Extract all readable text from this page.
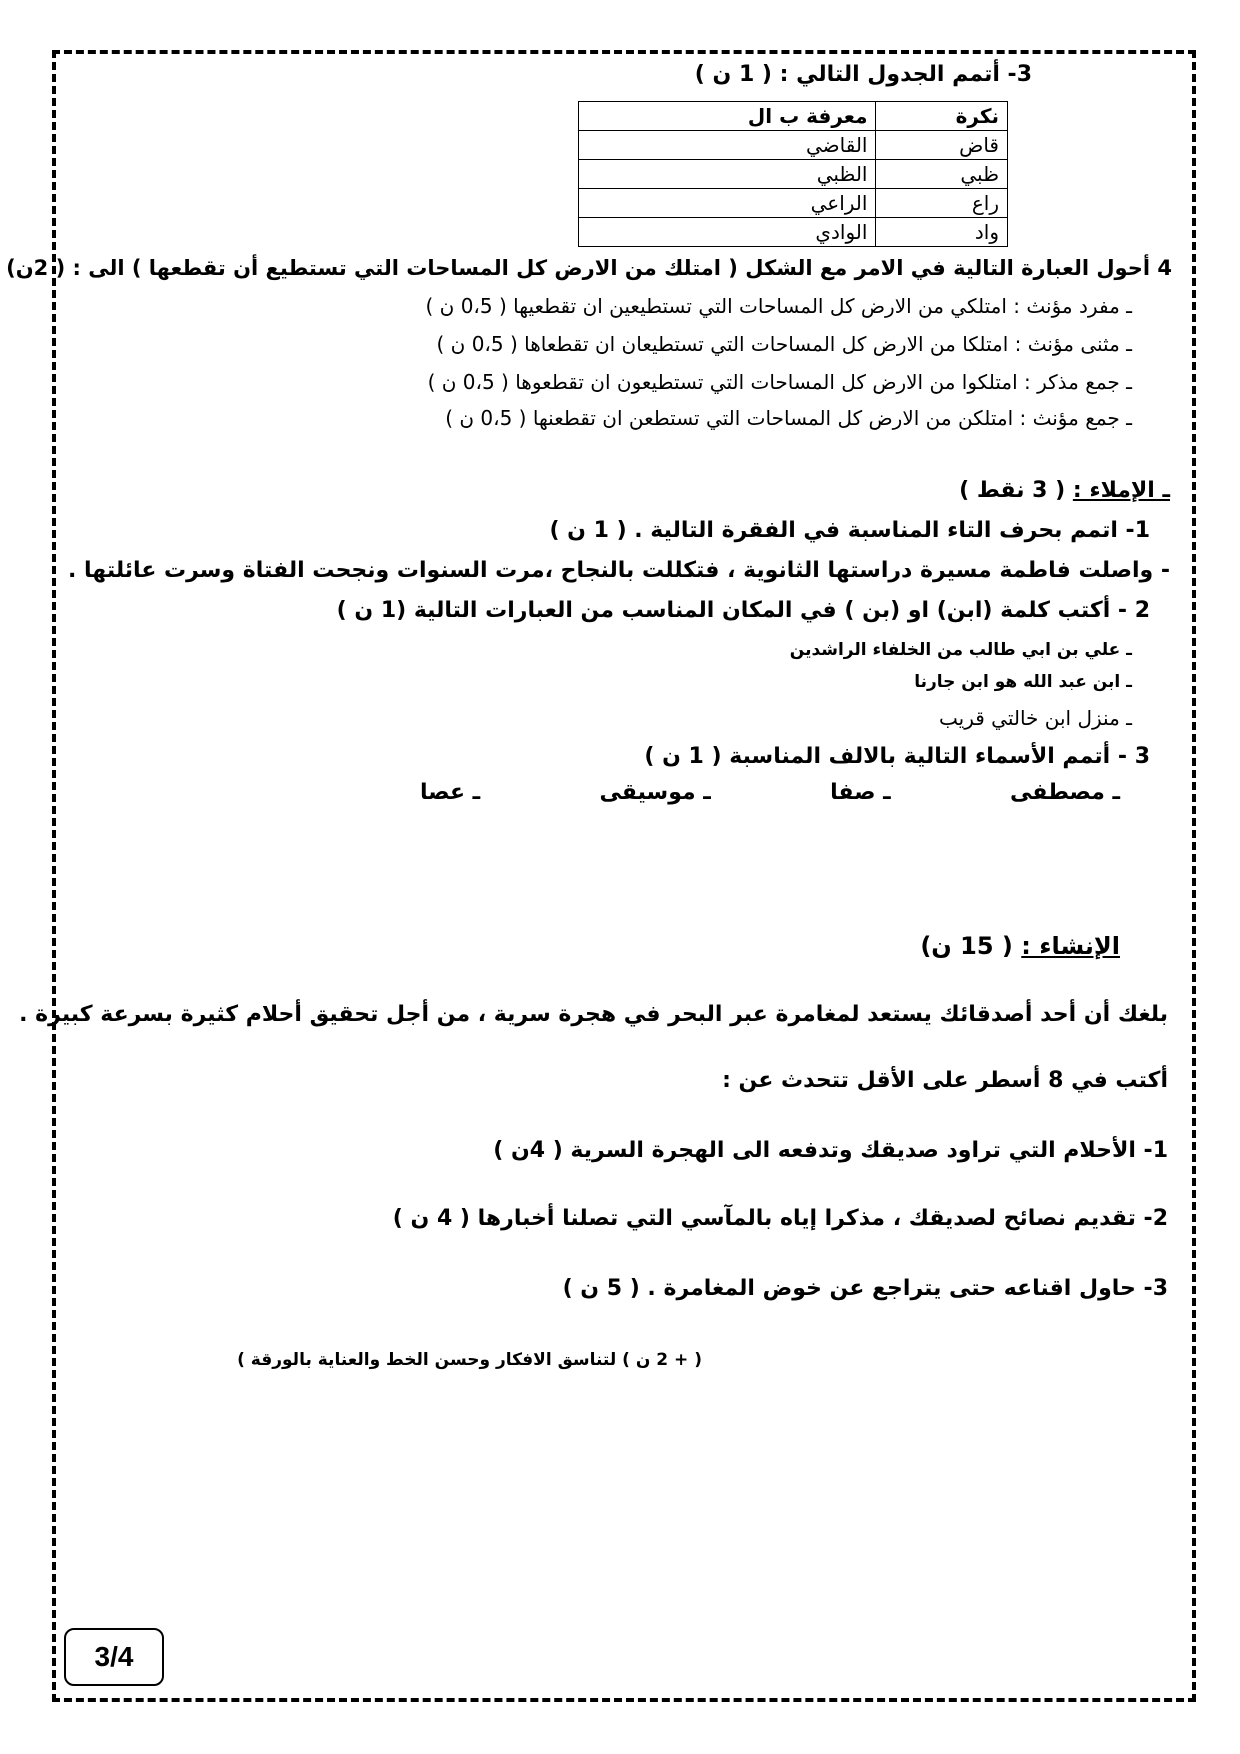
3- أتمم الجدول التالي : ( 1 ن )
نكرة	معرفة ب ال
قاض	القاضي
ظبي	الظبي
راع	الراعي
واد	الوادي
4 أحول العبارة التالية في الامر مع الشكل ( امتلك من الارض كل المساحات التي تستطيع أن تقطعها ) الى : ( 2ن)
ـ مفرد مؤنث : امتلكي من الارض كل المساحات التي تستطيعين ان تقطعيها ( 0،5 ن )
ـ مثنى مؤنث : امتلكا من الارض كل المساحات التي تستطيعان ان تقطعاها ( 0،5 ن )
ـ جمع مذكر : امتلكوا من الارض كل المساحات التي تستطيعون ان تقطعوها ( 0،5 ن )
ـ جمع مؤنث : امتلكن من الارض كل المساحات التي تستطعن ان تقطعنها ( 0،5 ن )
ـ الإملاء : ( 3 نقط )
1- اتمم بحرف التاء المناسبة في الفقرة التالية . ( 1 ن )
- واصلت فاطمة مسيرة دراستها الثانوية ، فتكللت بالنجاح ،مرت السنوات ونجحت الفتاة وسرت عائلتها .
2 - أكتب كلمة (ابن) او (بن ) في المكان المناسب من العبارات التالية (1 ن )
ـ علي بن ابي طالب من الخلفاء الراشدين
ـ ابن عبد الله هو ابن جارنا
ـ منزل ابن خالتي قريب
3 - أتمم الأسماء التالية بالالف المناسبة ( 1 ن )
ـ مصطفى
ـ صفا
ـ موسيقى
ـ عصا
الإنشاء : ( 15 ن)
بلغك أن أحد أصدقائك يستعد لمغامرة عبر البحر في هجرة سرية ، من أجل تحقيق أحلام كثيرة بسرعة كبيرة .
أكتب في 8 أسطر على الأقل تتحدث عن :
1- الأحلام التي تراود صديقك وتدفعه الى الهجرة السرية ( 4ن )
2- تقديم نصائح لصديقك ، مذكرا إياه بالمآسي التي تصلنا أخبارها ( 4 ن )
3- حاول اقناعه حتى يتراجع عن خوض المغامرة . ( 5 ن )
( + 2 ن ) لتناسق الافكار وحسن الخط والعناية بالورقة )
3/4
